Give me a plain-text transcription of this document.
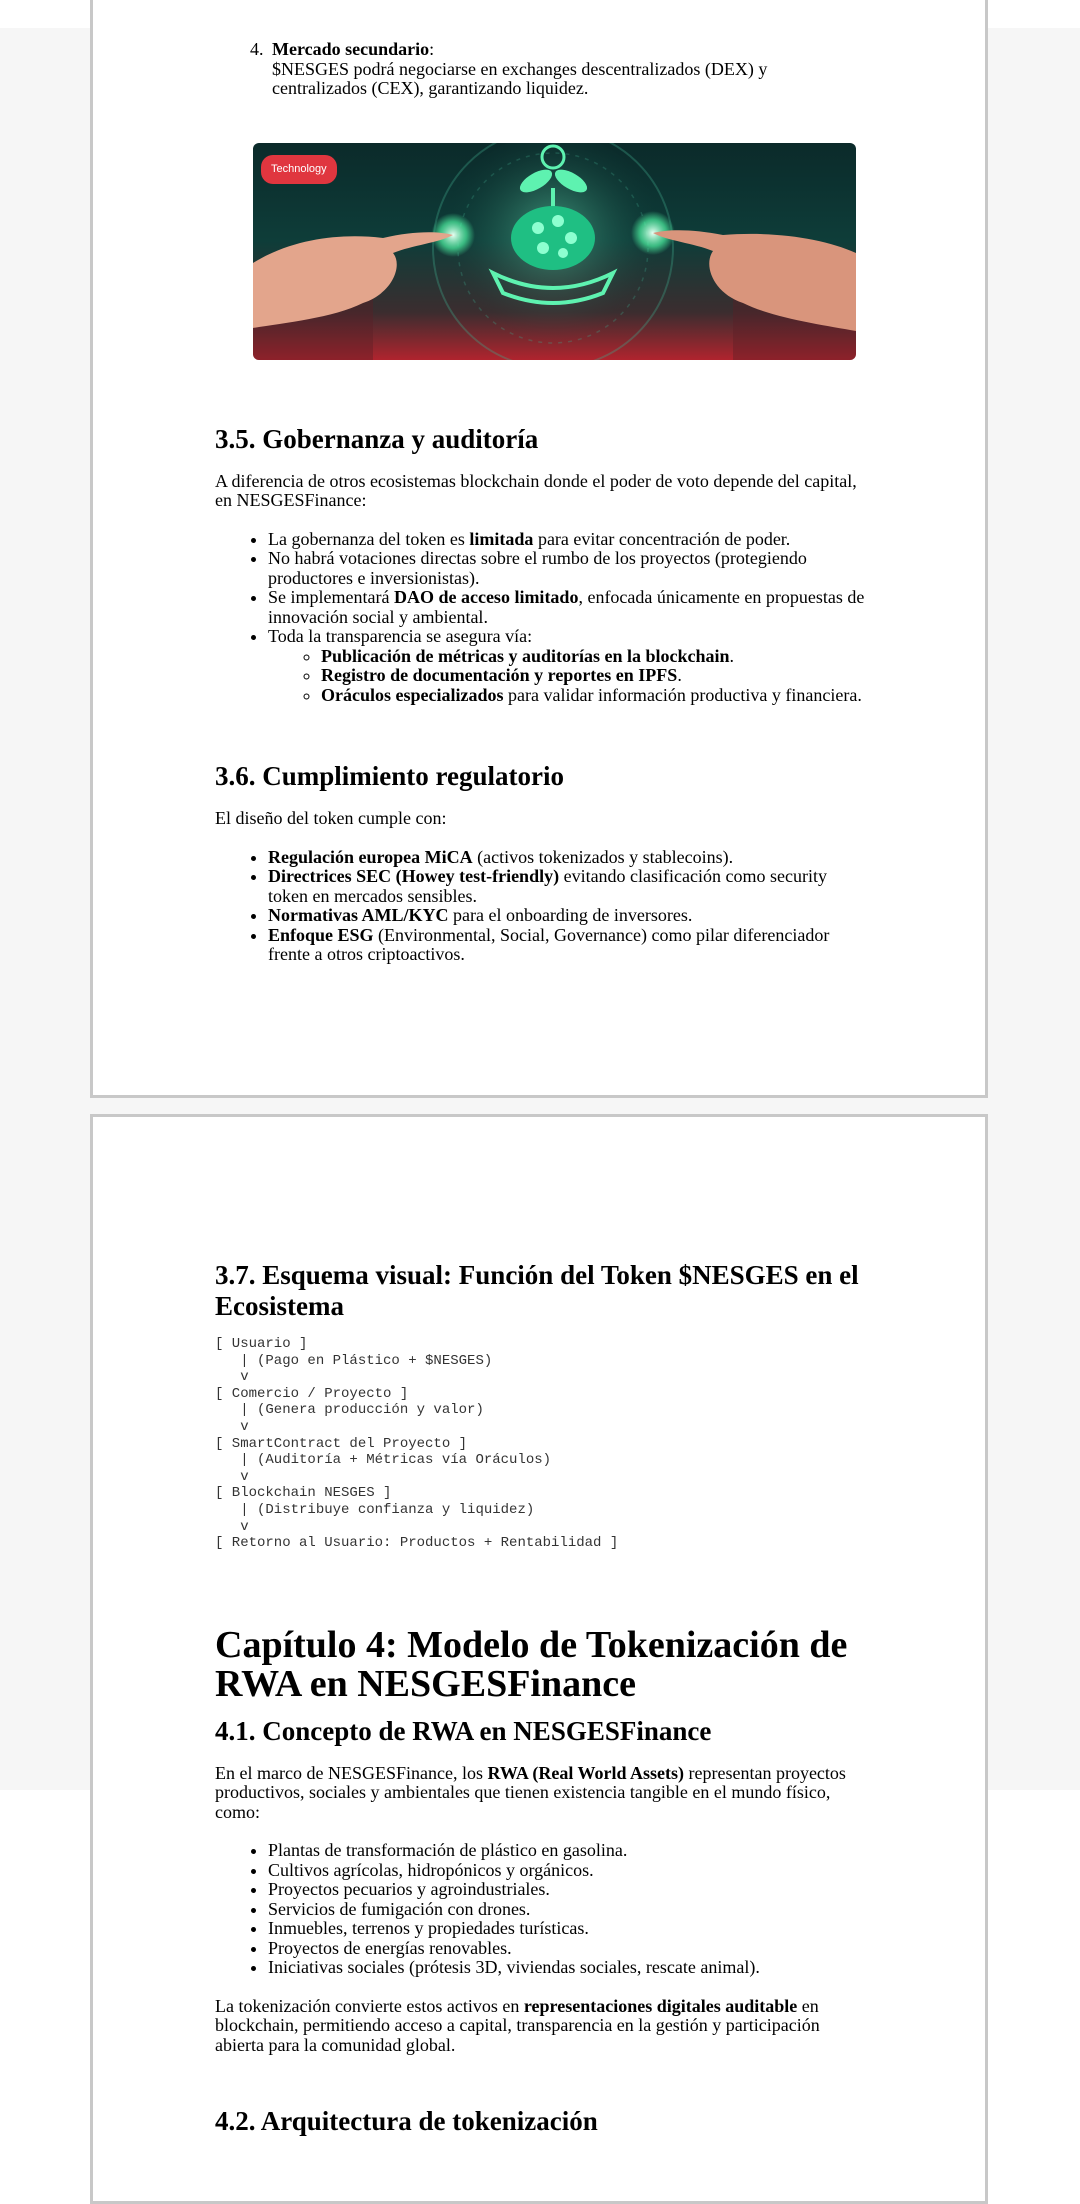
4. Mercado secundario:
$NESGES podrá negociarse en exchanges descentralizados (DEX) y centralizados (CEX), garantizando liquidez.
Technology
3.5. Gobernanza y auditoría

A diferencia de otros ecosistemas blockchain donde el poder de voto depende del capital, en NESGESFinance:

• La gobernanza del token es limitada para evitar concentración de poder.
• No habrá votaciones directas sobre el rumbo de los proyectos (protegiendo productores e inversionistas).
• Se implementará DAO de acceso limitado, enfocada únicamente en propuestas de innovación social y ambiental.
• Toda la transparencia se asegura vía:
◦ Publicación de métricas y auditorías en la blockchain.
◦ Registro de documentación y reportes en IPFS.
◦ Oráculos especializados para validar información productiva y financiera.
3.6. Cumplimiento regulatorio

El diseño del token cumple con:

• Regulación europea MiCA (activos tokenizados y stablecoins).
• Directrices SEC (Howey test-friendly) evitando clasificación como security token en mercados sensibles.
• Normativas AML/KYC para el onboarding de inversores.
• Enfoque ESG (Environmental, Social, Governance) como pilar diferenciador frente a otros criptoactivos.
3.7. Esquema visual: Función del Token $NESGES en el Ecosistema
[ Usuario ]
| (Pago en Plástico + $NESGES)
v
[ Comercio / Proyecto ]
| (Genera producción y valor)
v
[ SmartContract del Proyecto ]
| (Auditoría + Métricas vía Oráculos)
v
[ Blockchain NESGES ]
| (Distribuye confianza y liquidez)
v
[ Retorno al Usuario: Productos + Rentabilidad ]
Capítulo 4: Modelo de Tokenización de RWA en NESGESFinance
4.1. Concepto de RWA en NESGESFinance

En el marco de NESGESFinance, los RWA (Real World Assets) representan proyectos productivos, sociales y ambientales que tienen existencia tangible en el mundo físico, como:

• Plantas de transformación de plástico en gasolina.
• Cultivos agrícolas, hidropónicos y orgánicos.
• Proyectos pecuarios y agroindustriales.
• Servicios de fumigación con drones.
• Inmuebles, terrenos y propiedades turísticas.
• Proyectos de energías renovables.
• Iniciativas sociales (prótesis 3D, viviendas sociales, rescate animal).

La tokenización convierte estos activos en representaciones digitales auditable en blockchain, permitiendo acceso a capital, transparencia en la gestión y participación abierta para la comunidad global.

4.2. Arquitectura de tokenización
